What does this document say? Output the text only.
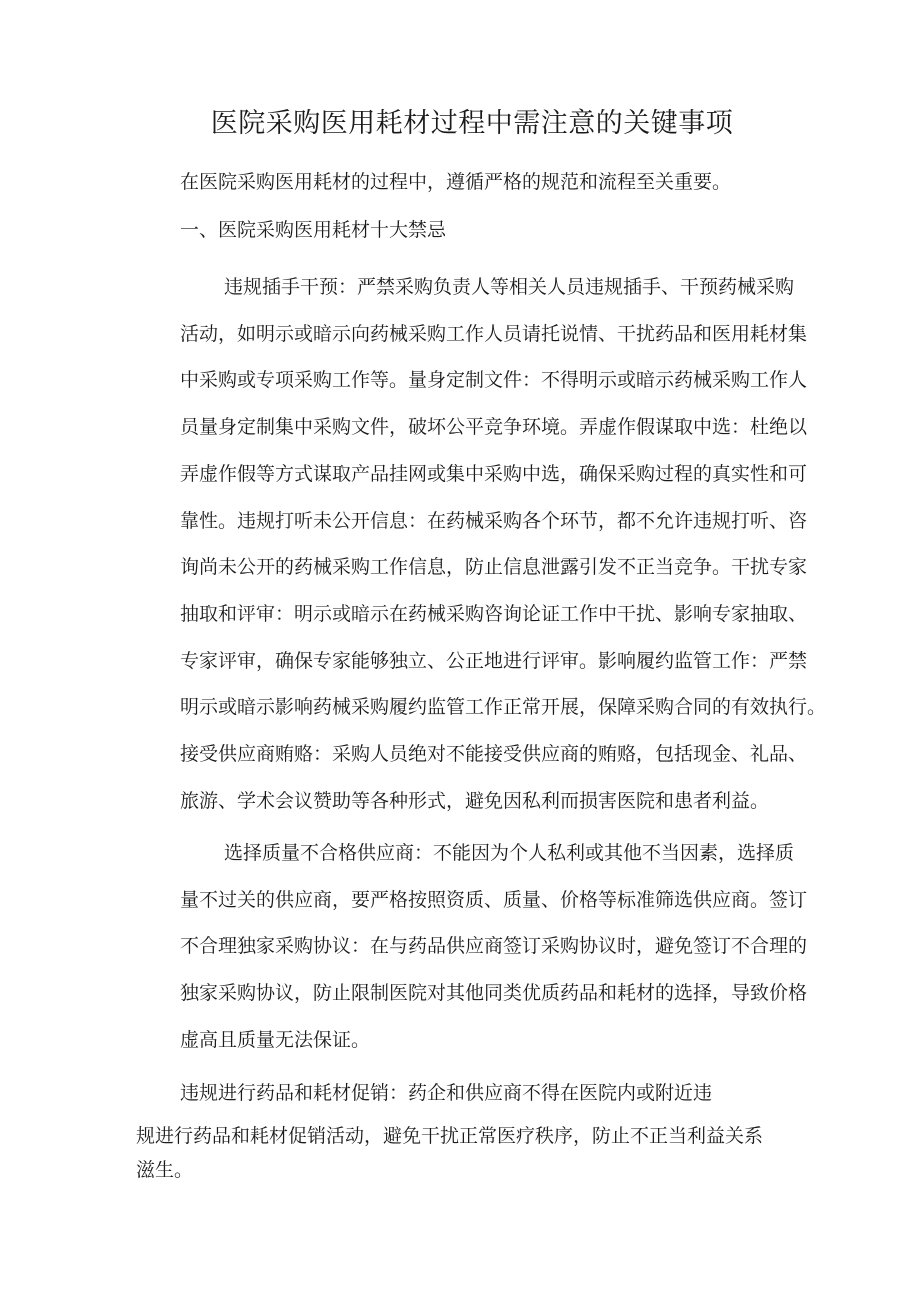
医院采购医用耗材过程中需注意的关键事项

在医院采购医用耗材的过程中，遵循严格的规范和流程至关重要。

一、医院采购医用耗材十大禁忌
违规插手干预：严禁采购负责人等相关人员违规插手、干预药械采购
活动，如明示或暗示向药械采购工作人员请托说情、干扰药品和医用耗材集
中采购或专项采购工作等。量身定制文件：不得明示或暗示药械采购工作人
员量身定制集中采购文件，破坏公平竞争环境。弄虚作假谋取中选：杜绝以
弄虚作假等方式谋取产品挂网或集中采购中选，确保采购过程的真实性和可
靠性。违规打听未公开信息：在药械采购各个环节，都不允许违规打听、咨
询尚未公开的药械采购工作信息，防止信息泄露引发不正当竞争。干扰专家
抽取和评审：明示或暗示在药械采购咨询论证工作中干扰、影响专家抽取、
专家评审，确保专家能够独立、公正地进行评审。影响履约监管工作：严禁
明示或暗示影响药械采购履约监管工作正常开展，保障采购合同的有效执行。
接受供应商贿赂：采购人员绝对不能接受供应商的贿赂，包括现金、礼品、
旅游、学术会议赞助等各种形式，避免因私利而损害医院和患者利益。
选择质量不合格供应商：不能因为个人私利或其他不当因素，选择质
量不过关的供应商，要严格按照资质、质量、价格等标准筛选供应商。签订
不合理独家采购协议：在与药品供应商签订采购协议时，避免签订不合理的
独家采购协议，防止限制医院对其他同类优质药品和耗材的选择，导致价格
虚高且质量无法保证。
违规进行药品和耗材促销：药企和供应商不得在医院内或附近违
规进行药品和耗材促销活动，避免干扰正常医疗秩序，防止不正当利益关系
滋生。
